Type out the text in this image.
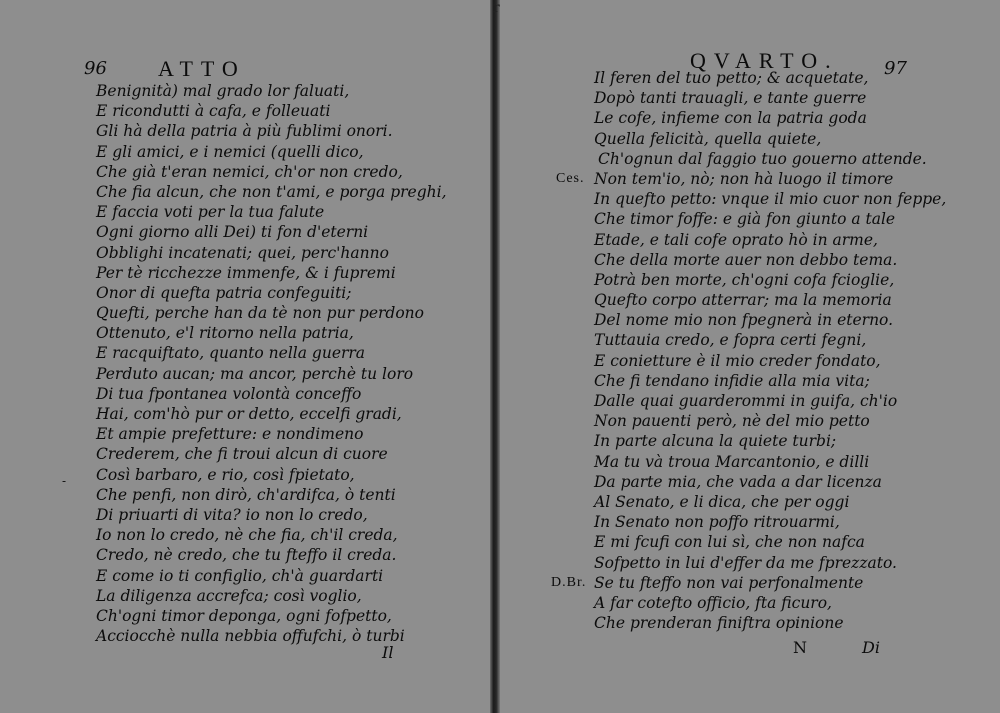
r
96 ATTO
Benignità) mal grado lor faluati,
E ricondutti à cafa, e folleuati
Gli hà della patria à più fublimi onori.
E gli amici, e i nemici (quelli dico,
Che già t'eran nemici, ch'or non credo,
Che fia alcun, che non t'ami, e porga preghi,
E faccia voti per la tua falute
Ogni giorno alli Dei) ti fon d'eterni
Obblighi incatenati; quei, perc'hanno
Per tè ricchezze immenfe, & i fupremi
Onor di quefta patria confeguiti;
Quefti, perche han da tè non pur perdono
Ottenuto, e'l ritorno nella patria,
E racquiftato, quanto nella guerra
Perduto aucan; ma ancor, perchè tu loro
Di tua fpontanea volontà conceffo
Hai, com'hò pur or detto, eccelfi gradi,
Et ampie prefetture: e nondimeno
Crederem, che fi troui alcun di cuore
Così barbaro, e rio, così fpietato,
Che penfi, non dirò, ch'ardifca, ò tenti
Di priuarti di vita? io non lo credo,
Io non lo credo, nè che fia, ch'il creda,
Credo, nè credo, che tu fteffo il creda.
E come io ti configlio, ch'à guardarti
La diligenza accrefca; così voglio,
Ch'ogni timor deponga, ogni fofpetto,
Acciocchè nulla nebbia offufchi, ò turbi
-
Il
QVARTO.	97
Il feren del tuo petto; & acquetate,
Dopò tanti trauagli, e tante guerre
Le cofe, infieme con la patria goda
Quella felicità, quella quiete,
Ch'ognun dal faggio tuo gouerno attende.
Non tem'io, nò; non hà luogo il timore
In quefto petto: vnque il mio cuor non feppe,
Che timor foffe: e già fon giunto a tale
Etade, e tali cofe oprato hò in arme,
Che della morte auer non debbo tema.
Potrà ben morte, ch'ogni cofa fcioglie,
Quefto corpo atterrar; ma la memoria
Del nome mio non fpegnerà in eterno.
Tuttauia credo, e fopra certi fegni,
E conietture è il mio creder fondato,
Che fi tendano infidie alla mia vita;
Dalle quai guarderommi in guifa, ch'io
Non pauenti però, nè del mio petto
In parte alcuna la quiete turbi;
Ma tu và troua Marcantonio, e dilli
Da parte mia, che vada a dar licenza
Al Senato, e li dica, che per oggi
In Senato non poffo ritrouarmi,
E mi fcufi con lui sì, che non nafca
Sofpetto in lui d'effer da me fprezzato.
Se tu fteffo non vai perfonalmente
A far cotefto officio, fta ficuro,
Che prenderan finiftra opinione
Ces.
D.Br.
N	Di
